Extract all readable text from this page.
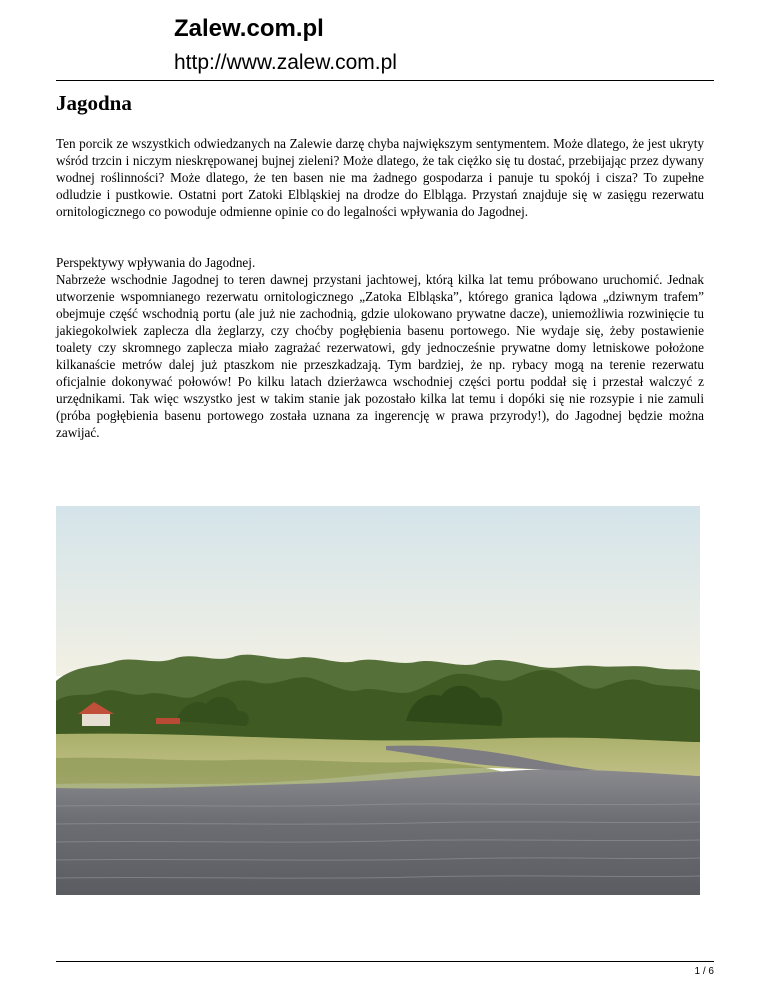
Zalew.com.pl
http://www.zalew.com.pl
Jagodna

Ten porcik ze wszystkich odwiedzanych na Zalewie darzę chyba największym sentymentem. Może dlatego, że jest ukryty wśród trzcin i niczym nieskrępowanej bujnej zieleni? Może dlatego, że tak ciężko się tu dostać, przebijając przez dywany wodnej roślinności? Może dlatego, że ten basen nie ma żadnego gospodarza i panuje tu spokój i cisza? To zupełne odludzie i pustkowie. Ostatni port Zatoki Elbląskiej na drodze do Elbląga. Przystań znajduje się w zasięgu rezerwatu ornitologicznego co powoduje odmienne opinie co do legalności wpływania do Jagodnej.

Perspektywy wpływania do Jagodnej.

Nabrzeże wschodnie Jagodnej to teren dawnej przystani jachtowej, którą kilka lat temu próbowano uruchomić. Jednak utworzenie wspomnianego rezerwatu ornitologicznego „Zatoka Elbląska”, którego granica lądowa „dziwnym trafem” obejmuje część wschodnią portu (ale już nie zachodnią, gdzie ulokowano prywatne dacze), uniemożliwia rozwinięcie tu jakiegokolwiek zaplecza dla żeglarzy, czy choćby pogłębienia basenu portowego. Nie wydaje się, żeby postawienie toalety czy skromnego zaplecza miało zagrażać rezerwatowi, gdy jednocześnie prywatne domy letniskowe położone kilkanaście metrów dalej już ptaszkom nie przeszkadzają. Tym bardziej, że np. rybacy mogą na terenie rezerwatu oficjalnie dokonywać połowów! Po kilku latach dzierżawca wschodniej części portu poddał się i przestał walczyć z urzędnikami. Tak więc wszystko jest w takim stanie jak pozostało kilka lat temu i dopóki się nie rozsypie i nie zamuli (próba pogłębienia basenu portowego została uznana za ingerencję w prawa przyrody!), do Jagodnej będzie można zawijać.

1 / 6
